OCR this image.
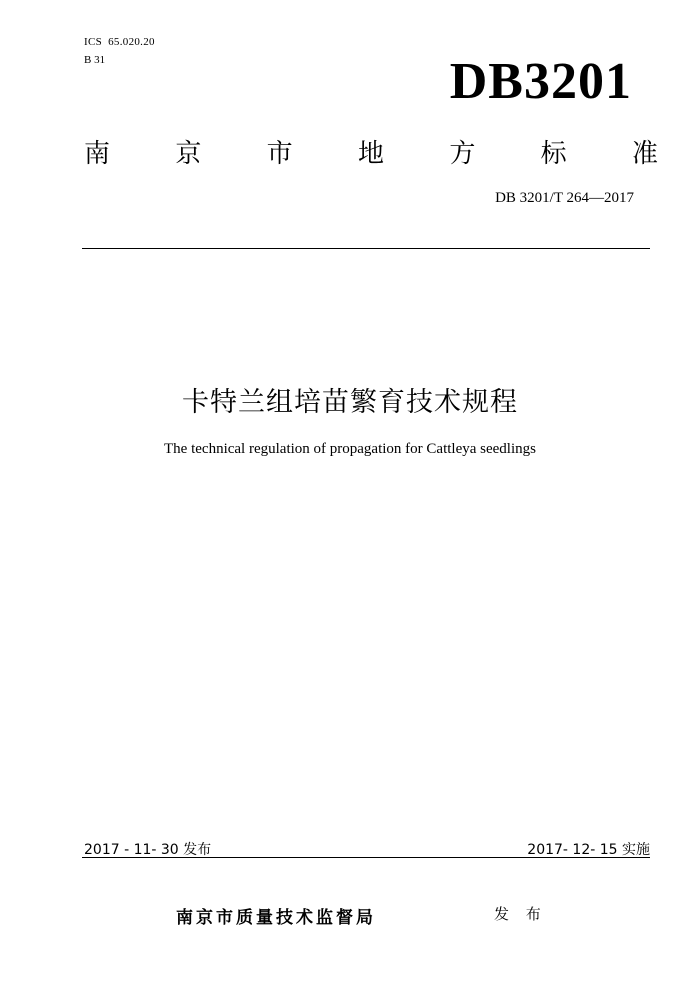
ICS  65.020.20
B 31	DB3201
南	京	市	地	方	标	准
DB 3201/T 264—2017
卡特兰组培苗繁育技术规程
The technical regulation of propagation for Cattleya seedlings
2017 - 11- 30 发布	2017- 12- 15 实施
南京市质量技术监督局	发 布
